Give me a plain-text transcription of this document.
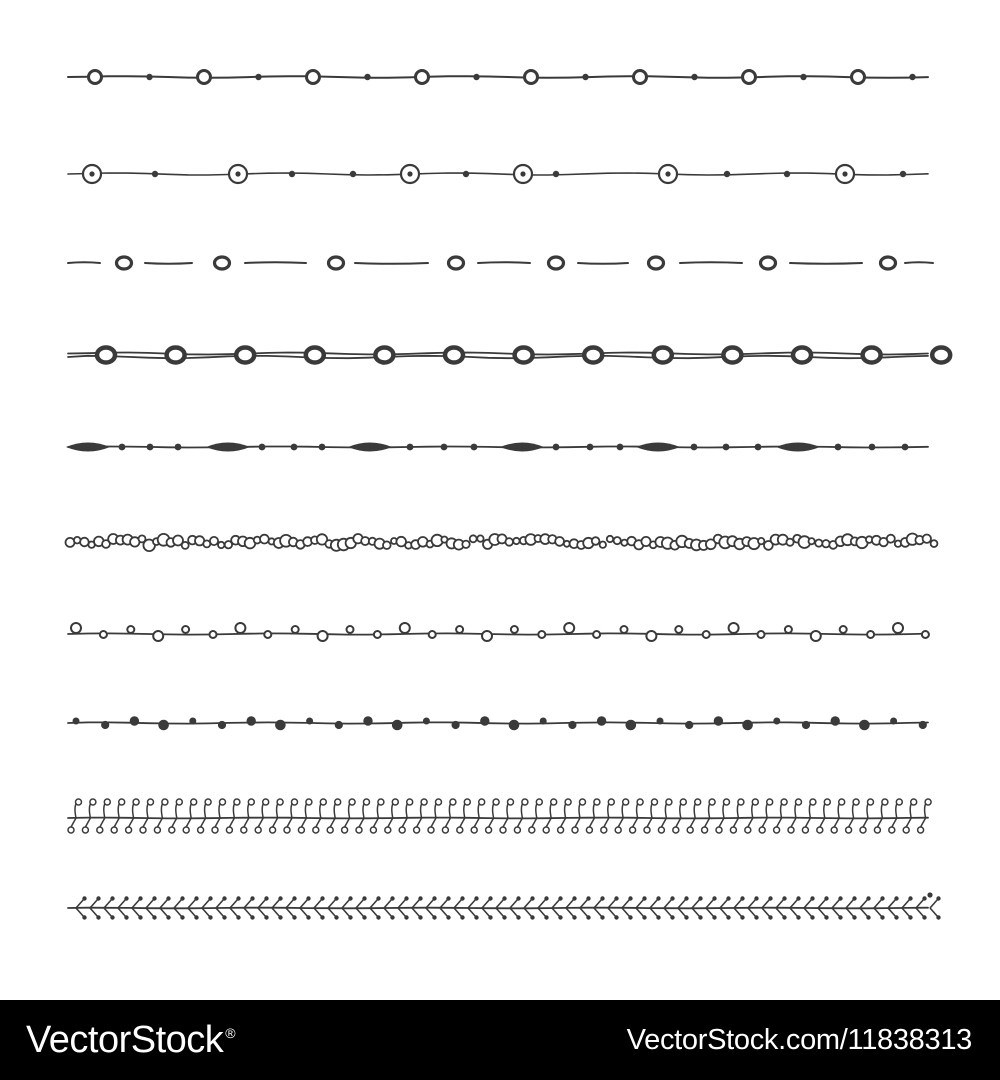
VectorStock ®	VectorStock.com/11838313
